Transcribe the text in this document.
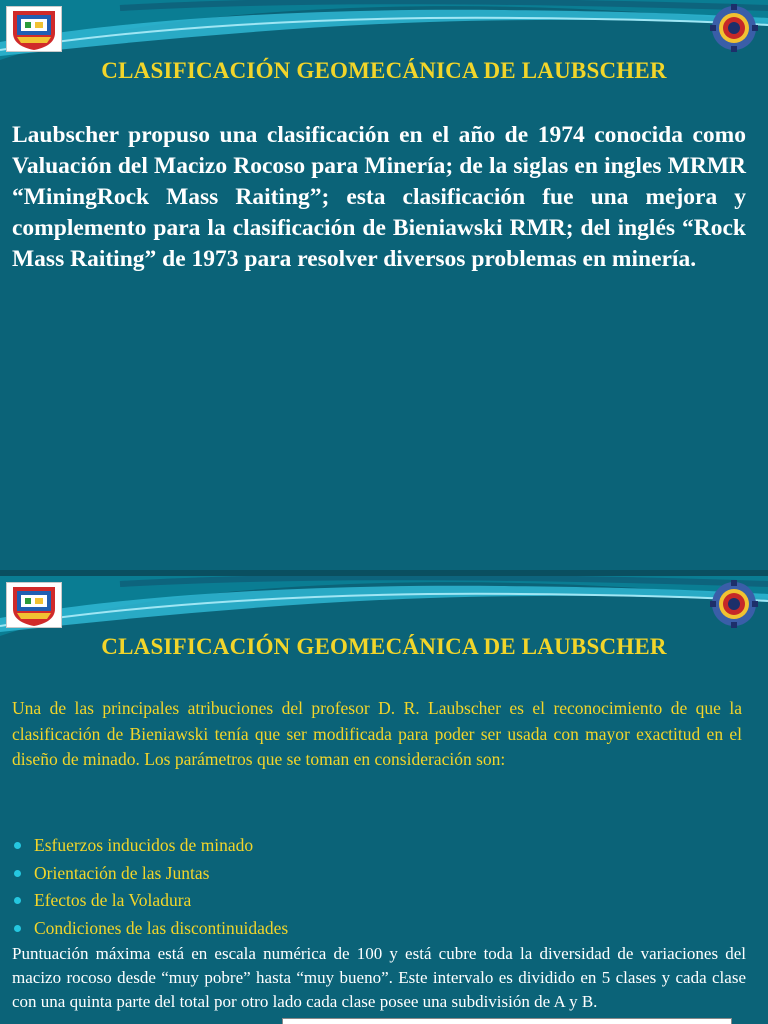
CLASIFICACIÓN GEOMECÁNICA DE LAUBSCHER
Laubscher propuso una clasificación en el año de 1974 conocida como Valuación del Macizo Rocoso para Minería; de la siglas en ingles MRMR “MiningRock Mass Raiting”; esta clasificación fue una mejora y complemento para la clasificación de Bieniawski RMR; del inglés “Rock Mass Raiting” de 1973 para resolver diversos problemas en minería.
CLASIFICACIÓN GEOMECÁNICA DE LAUBSCHER
Una de las principales atribuciones del profesor D. R. Laubscher es el reconocimiento de que la clasificación de Bieniawski tenía que ser modificada para poder ser usada con mayor exactitud en el diseño de minado. Los parámetros que se toman en consideración son:
Esfuerzos inducidos de minado
Orientación de las Juntas
Efectos de la Voladura
Condiciones de las discontinuidades
Puntuación máxima está en escala numérica de 100 y está cubre toda la diversidad de variaciones del macizo rocoso desde “muy pobre” hasta “muy bueno”. Este intervalo es dividido en 5 clases y cada clase con una quinta parte del total por otro lado cada clase posee una subdivisión de A y B.
